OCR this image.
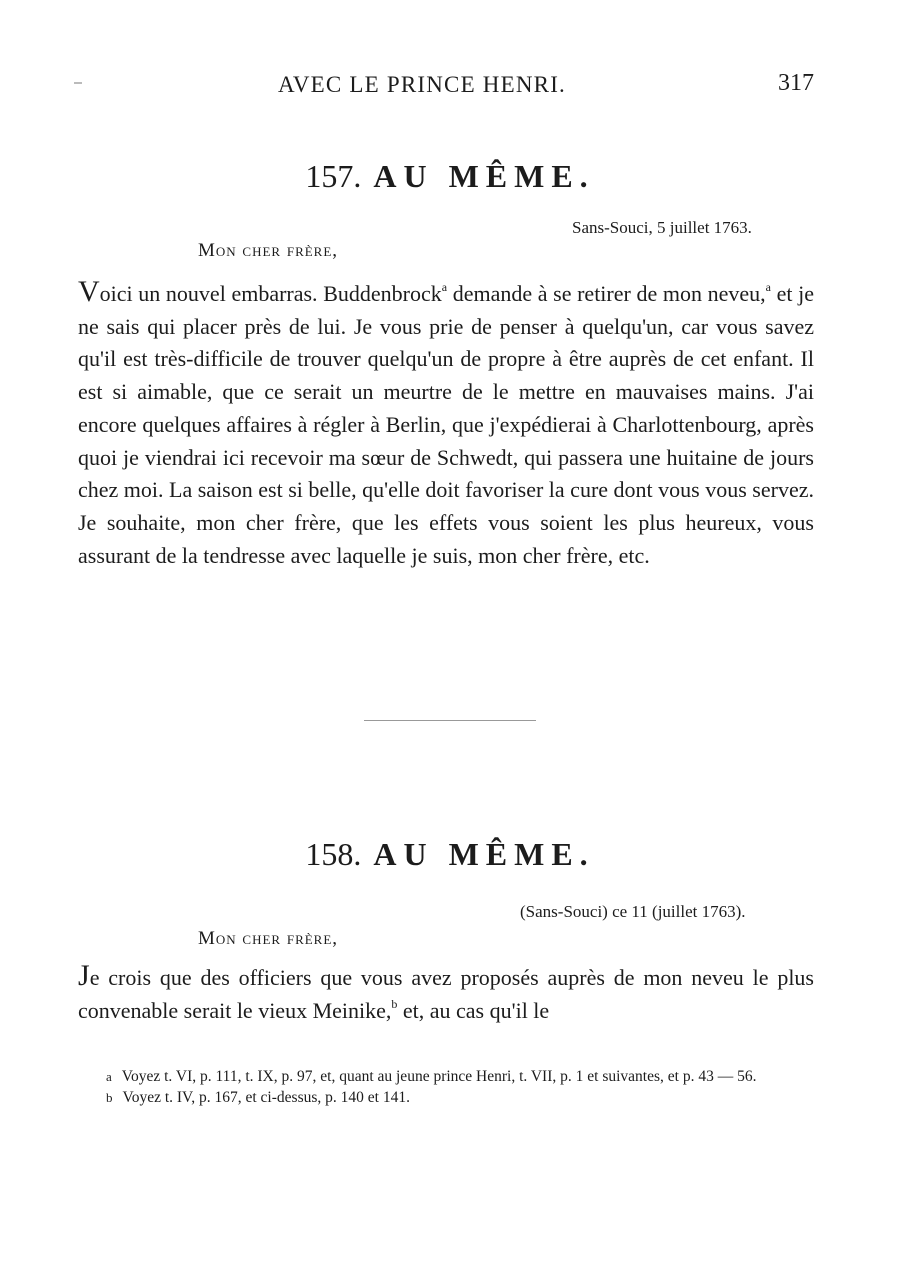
AVEC LE PRINCE HENRI.	317
157. AU MÊME.
Sans-Souci, 5 juillet 1763.
Mon cher frère,
Voici un nouvel embarras. Buddenbrock$^a$ demande à se retirer de mon neveu,$^a$ et je ne sais qui placer près de lui. Je vous prie de penser à quelqu'un, car vous savez qu'il est très-difficile de trouver quelqu'un de propre à être auprès de cet enfant. Il est si aimable, que ce serait un meurtre de le mettre en mauvaises mains. J'ai encore quelques affaires à régler à Berlin, que j'expédierai à Charlottenbourg, après quoi je viendrai ici recevoir ma sœur de Schwedt, qui passera une huitaine de jours chez moi. La saison est si belle, qu'elle doit favoriser la cure dont vous vous servez. Je souhaite, mon cher frère, que les effets vous soient les plus heureux, vous assurant de la tendresse avec laquelle je suis, mon cher frère, etc.
158. AU MÊME.
(Sans-Souci) ce 11 (juillet 1763).
Mon cher frère,
Je crois que des officiers que vous avez proposés auprès de mon neveu le plus convenable serait le vieux Meinike,$^b$ et, au cas qu'il le

a Voyez t. VI, p. 111, t. IX, p. 97, et, quant au jeune prince Henri, t. VII, p. 1 et suivantes, et p. 43 — 56.

b Voyez t. IV, p. 167, et ci-dessus, p. 140 et 141.
